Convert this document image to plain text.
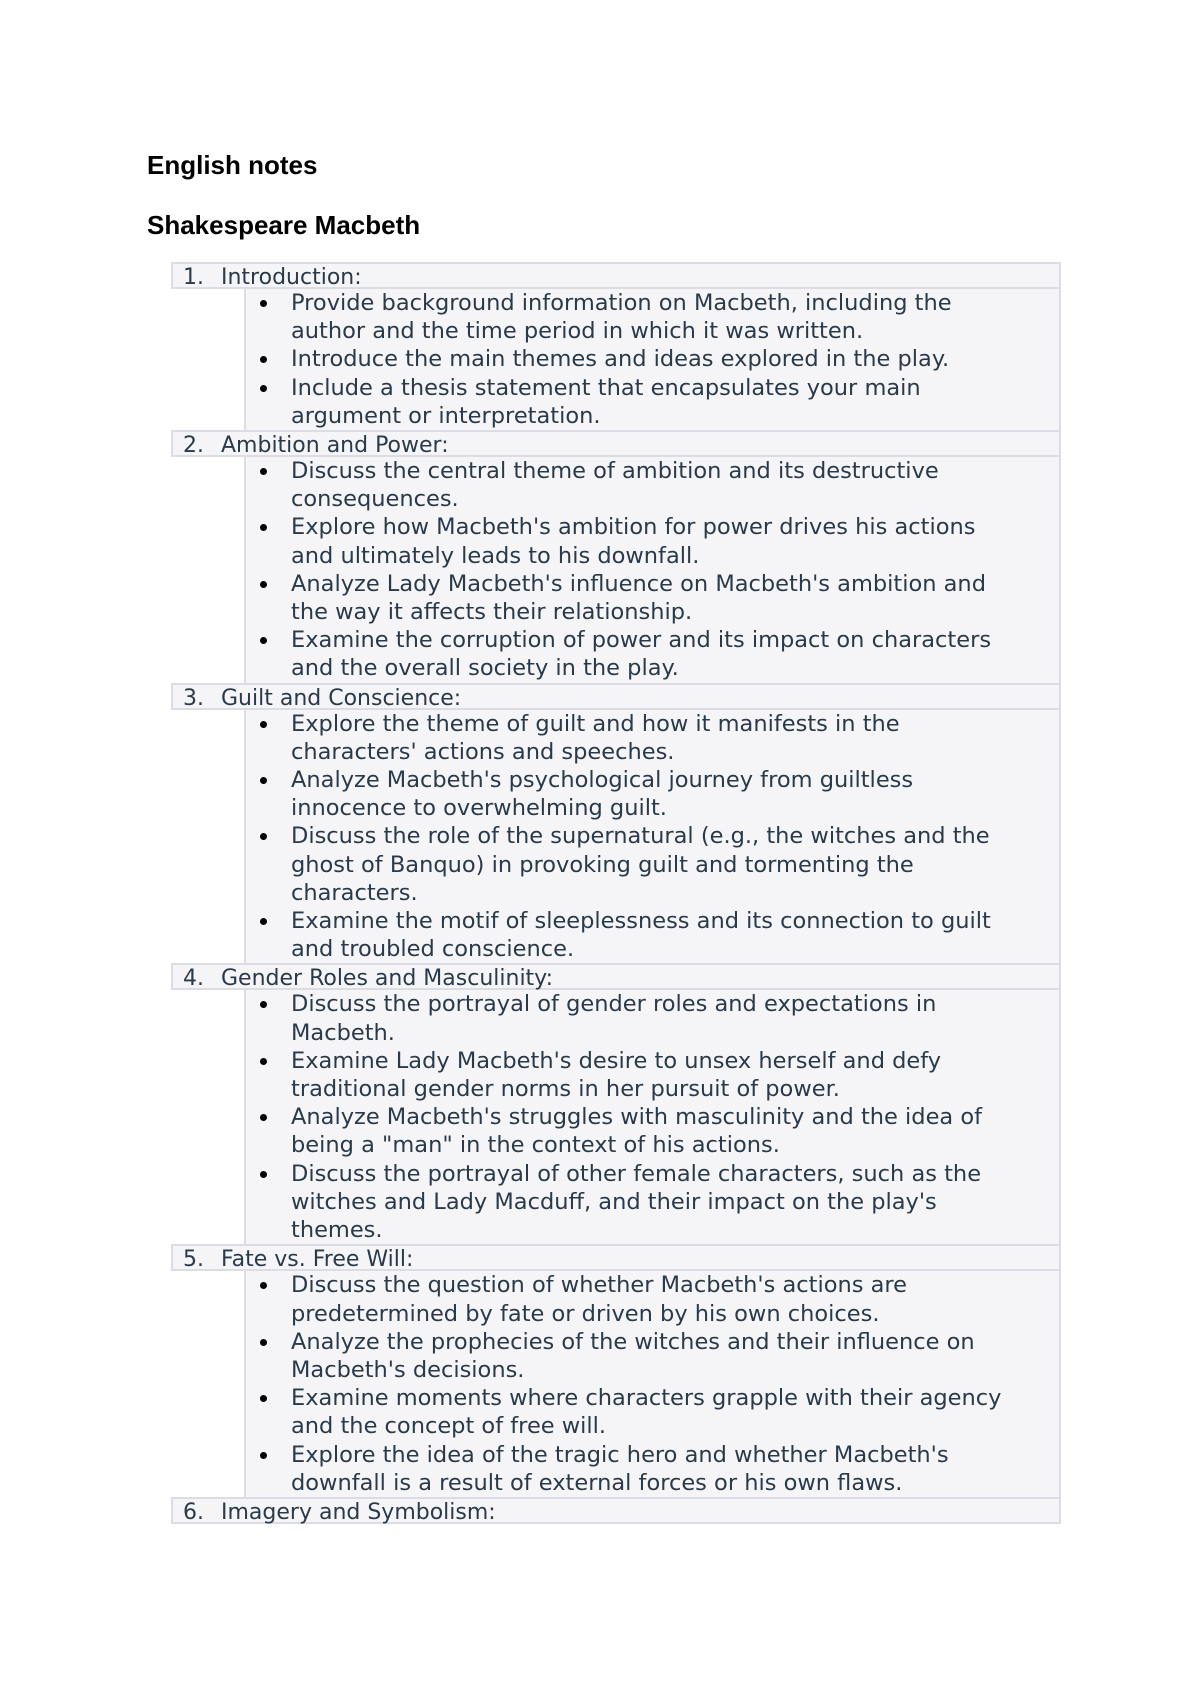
English notes
Shakespeare Macbeth
1. Introduction:
Provide background information on Macbeth, including the
author and the time period in which it was written.
Introduce the main themes and ideas explored in the play.
Include a thesis statement that encapsulates your main
argument or interpretation.
2. Ambition and Power:
Discuss the central theme of ambition and its destructive
consequences.
Explore how Macbeth's ambition for power drives his actions
and ultimately leads to his downfall.
Analyze Lady Macbeth's influence on Macbeth's ambition and
the way it affects their relationship.
Examine the corruption of power and its impact on characters
and the overall society in the play.
3. Guilt and Conscience:
Explore the theme of guilt and how it manifests in the
characters' actions and speeches.
Analyze Macbeth's psychological journey from guiltless
innocence to overwhelming guilt.
Discuss the role of the supernatural (e.g., the witches and the
ghost of Banquo) in provoking guilt and tormenting the
characters.
Examine the motif of sleeplessness and its connection to guilt
and troubled conscience.
4. Gender Roles and Masculinity:
Discuss the portrayal of gender roles and expectations in
Macbeth.
Examine Lady Macbeth's desire to unsex herself and defy
traditional gender norms in her pursuit of power.
Analyze Macbeth's struggles with masculinity and the idea of
being a "man" in the context of his actions.
Discuss the portrayal of other female characters, such as the
witches and Lady Macduff, and their impact on the play's
themes.
5. Fate vs. Free Will:
Discuss the question of whether Macbeth's actions are
predetermined by fate or driven by his own choices.
Analyze the prophecies of the witches and their influence on
Macbeth's decisions.
Examine moments where characters grapple with their agency
and the concept of free will.
Explore the idea of the tragic hero and whether Macbeth's
downfall is a result of external forces or his own flaws.
6. Imagery and Symbolism:
